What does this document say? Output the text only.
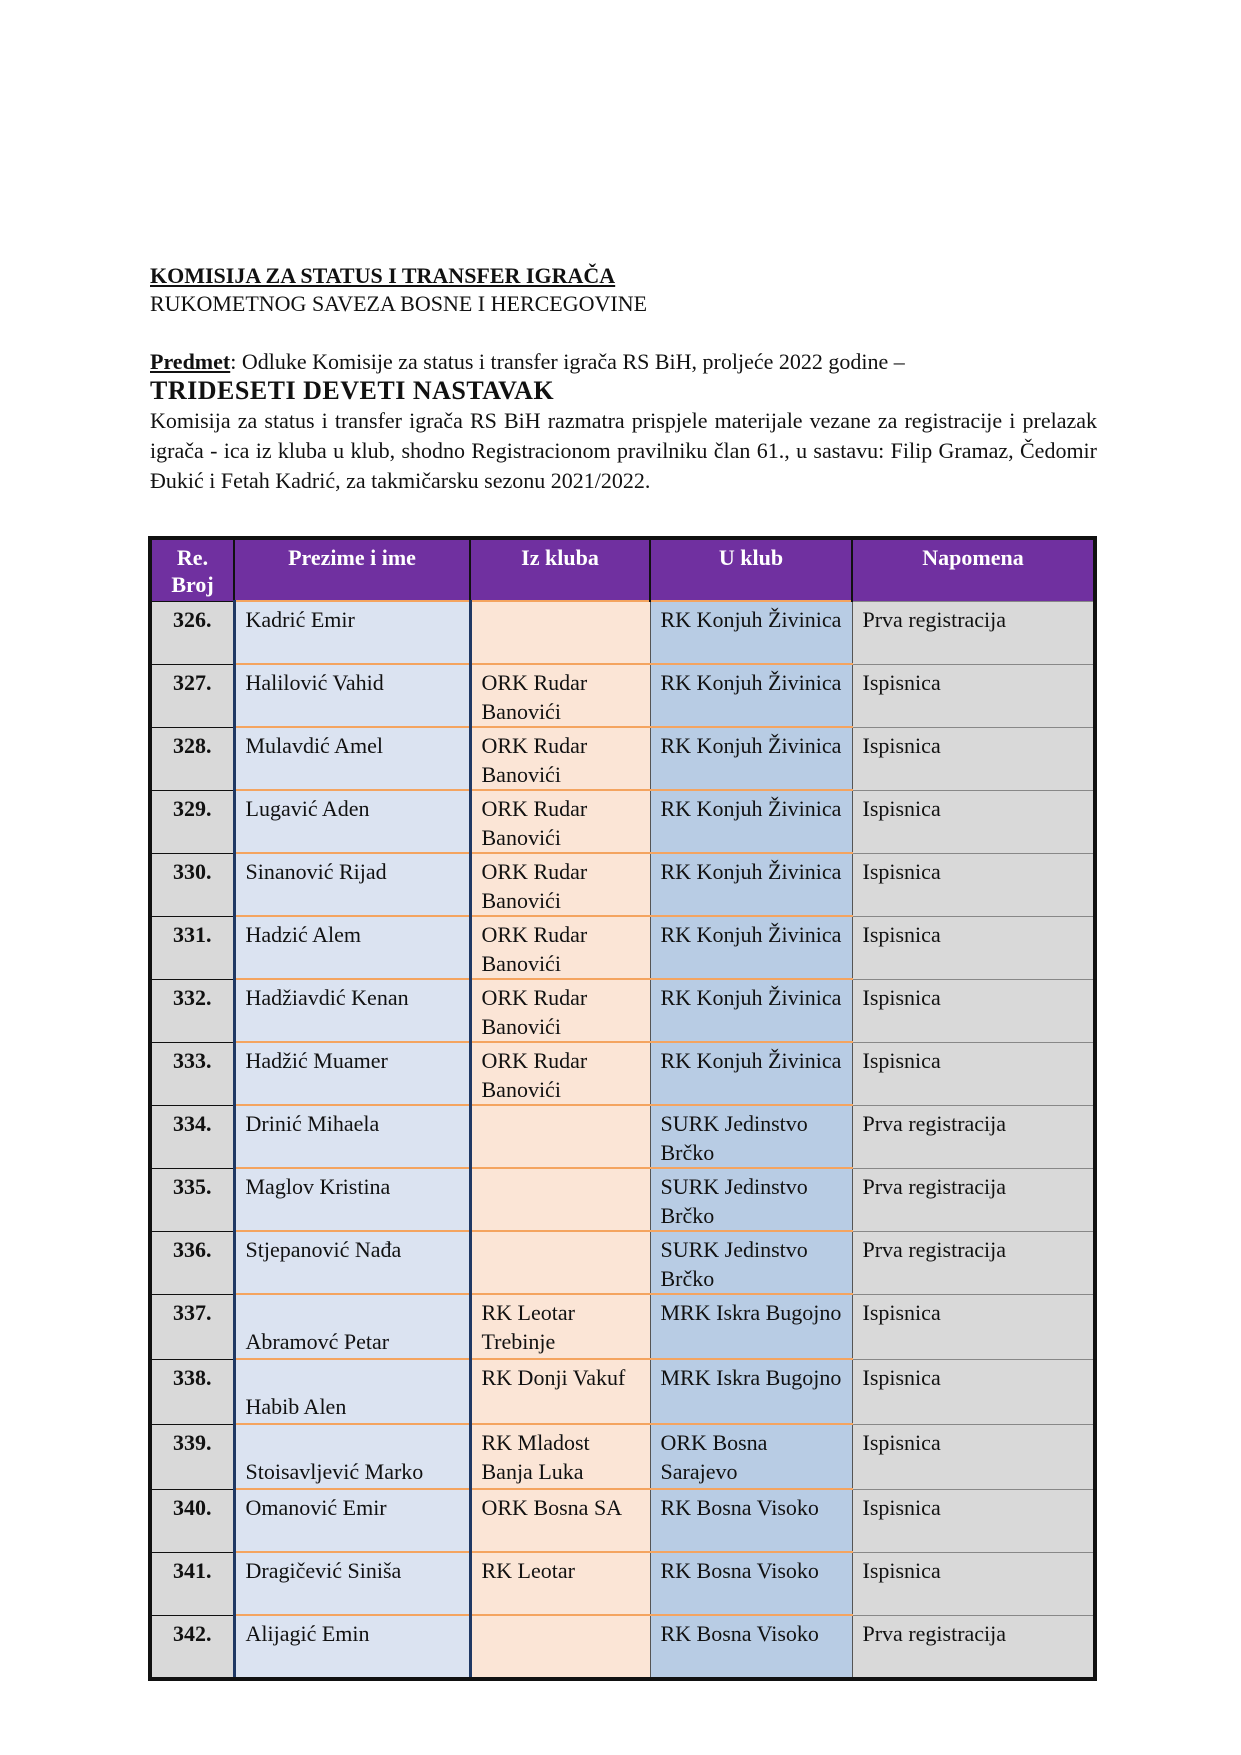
KOMISIJA ZA STATUS I TRANSFER IGRAČA

RUKOMETNOG SAVEZA BOSNE I HERCEGOVINE

Predmet: Odluke Komisije za status i transfer igrača RS BiH, proljeće 2022 godine –

TRIDESETI DEVETI NASTAVAK

Komisija za status i transfer igrača RS BiH razmatra prispjele materijale vezane za registracije i prelazak igrača - ica iz kluba u klub, shodno Registracionom pravilniku član 61., u sastavu: Filip Gramaz, Čedomir Đukić i Fetah Kadrić, za takmičarsku sezonu 2021/2022.

Re. Broj	Prezime i ime	Iz kluba	U klub	Napomena
326.	Kadrić Emir		RK Konjuh Živinica	Prva registracija
327.	Halilović Vahid	ORK Rudar Banovići	RK Konjuh Živinica	Ispisnica
328.	Mulavdić Amel	ORK Rudar Banovići	RK Konjuh Živinica	Ispisnica
329.	Lugavić Aden	ORK Rudar Banovići	RK Konjuh Živinica	Ispisnica
330.	Sinanović Rijad	ORK Rudar Banovići	RK Konjuh Živinica	Ispisnica
331.	Hadzić Alem	ORK Rudar Banovići	RK Konjuh Živinica	Ispisnica
332.	Hadžiavdić Kenan	ORK Rudar Banovići	RK Konjuh Živinica	Ispisnica
333.	Hadžić Muamer	ORK Rudar Banovići	RK Konjuh Živinica	Ispisnica
334.	Drinić Mihaela		SURK Jedinstvo Brčko	Prva registracija
335.	Maglov Kristina		SURK Jedinstvo Brčko	Prva registracija
336.	Stjepanović Nađa		SURK Jedinstvo Brčko	Prva registracija
337.	Abramovć Petar	RK Leotar Trebinje	MRK Iskra Bugojno	Ispisnica
338.	Habib Alen	RK Donji Vakuf	MRK Iskra Bugojno	Ispisnica
339.	Stoisavljević Marko	RK Mladost Banja Luka	ORK Bosna Sarajevo	Ispisnica
340.	Omanović Emir	ORK Bosna SA	RK Bosna Visoko	Ispisnica
341.	Dragičević Siniša	RK Leotar	RK Bosna Visoko	Ispisnica
342.	Alijagić Emin		RK Bosna Visoko	Prva registracija
